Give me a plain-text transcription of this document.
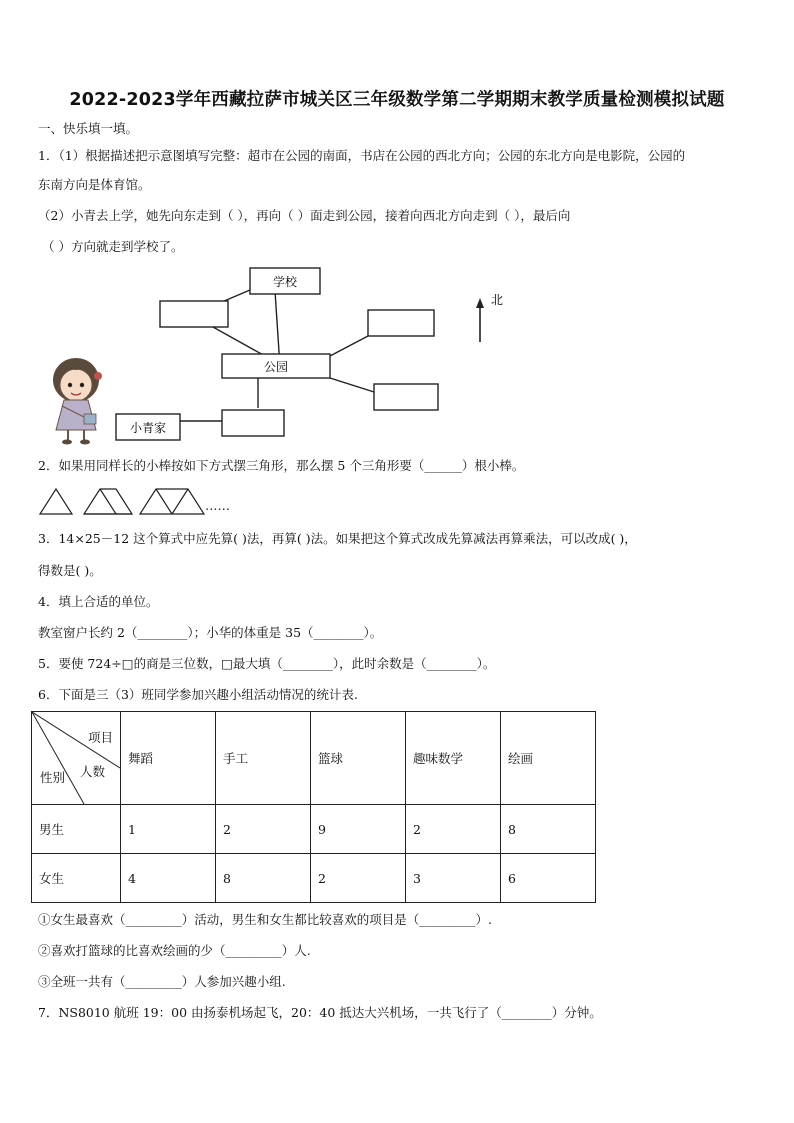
2022-2023学年西藏拉萨市城关区三年级数学第二学期期末教学质量检测模拟试题
一、快乐填一填。
1．（1）根据描述把示意图填写完整：超市在公园的南面，书店在公园的西北方向；公园的东北方向是电影院，公园的
东南方向是体育馆。
（2）小青去上学，她先向东走到（ ），再向（ ）面走到公园，接着向西北方向走到（ ），最后向
（ ）方向就走到学校了。
学校
公园
小青家
北
2．如果用同样长的小棒按如下方式摆三角形，那么摆 5 个三角形要（______）根小棒。
……
3．14×25－12 这个算式中应先算( )法，再算( )法。如果把这个算式改成先算减法再算乘法，可以改成( )，
得数是( )。
4．填上合适的单位。
教室窗户长约 2（________）；小华的体重是 35（________）。
5．要使 724÷□的商是三位数，□最大填（________），此时余数是（________）。
6．下面是三（3）班同学参加兴趣小组活动情况的统计表.
项目
人数
性别	舞蹈	手工	篮球	趣味数学	绘画
男生	1	2	9	2	8
女生	4	8	2	3	6
①女生最喜欢（_________）活动，男生和女生都比较喜欢的项目是（_________）.
②喜欢打篮球的比喜欢绘画的少（_________）人.
③全班一共有（_________）人参加兴趣小组.
7．NS8010 航班 19：00 由扬泰机场起飞，20：40 抵达大兴机场，一共飞行了（________）分钟。
